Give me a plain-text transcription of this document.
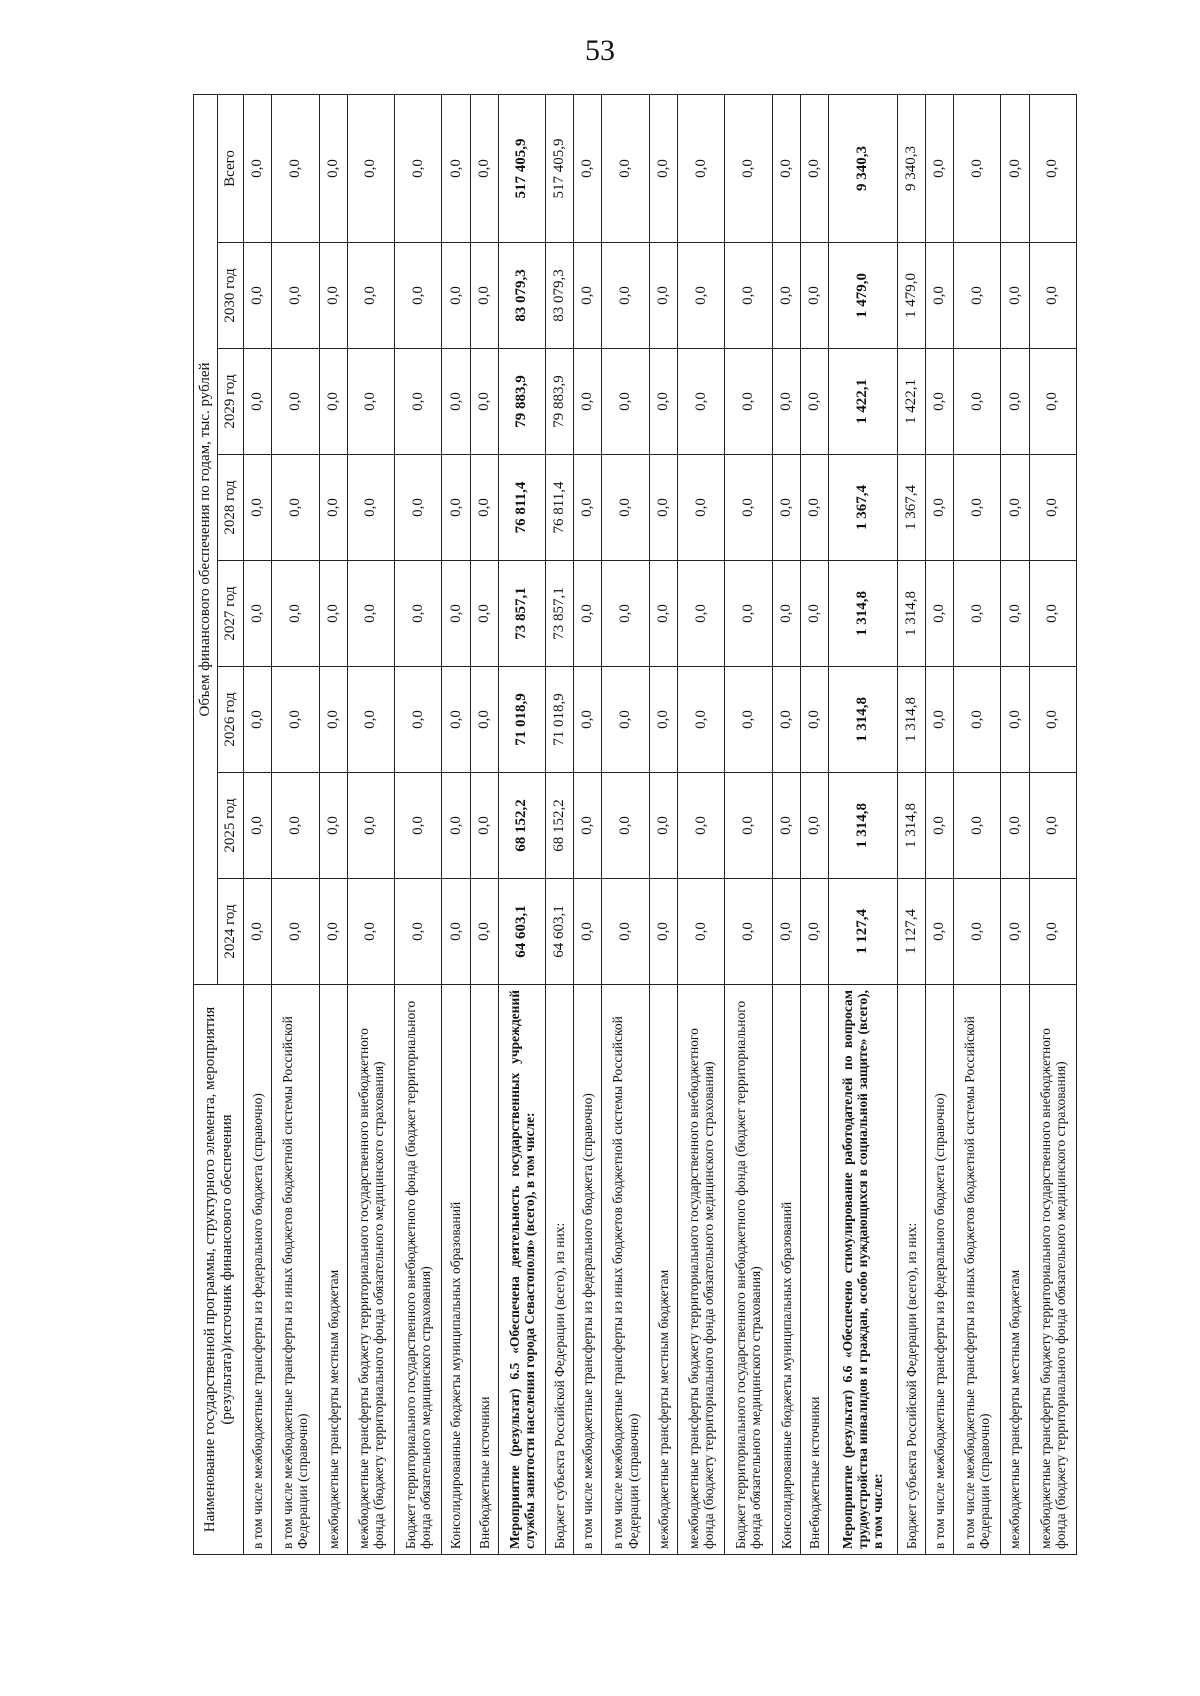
53
Наименование государственной программы, структурного элемента, мероприятия (результата)/источник финансового обеспечения	Объем финансового обеспечения по годам, тыс. рублей							
	2024 год	2025 год	2026 год	2027 год	2028 год	2029 год	2030 год	Всего
в том числе межбюджетные трансферты из федерального бюджета (справочно)	0,0	0,0	0,0	0,0	0,0	0,0	0,0	0,0
в том числе межбюджетные трансферты из иных бюджетов бюджетной системы Российской Федерации (справочно)	0,0	0,0	0,0	0,0	0,0	0,0	0,0	0,0
межбюджетные трансферты местным бюджетам	0,0	0,0	0,0	0,0	0,0	0,0	0,0	0,0
межбюджетные трансферты бюджету территориального государственного внебюджетного фонда (бюджету территориального фонда обязательного медицинского страхования)	0,0	0,0	0,0	0,0	0,0	0,0	0,0	0,0
Бюджет территориального государственного внебюджетного фонда (бюджет территориального фонда обязательного медицинского страхования)	0,0	0,0	0,0	0,0	0,0	0,0	0,0	0,0
Консолидированные бюджеты муниципальных образований	0,0	0,0	0,0	0,0	0,0	0,0	0,0	0,0
Внебюджетные источники	0,0	0,0	0,0	0,0	0,0	0,0	0,0	0,0
Мероприятие (результат) 6.5 «Обеспечена деятельность государственных учреждений службы занятости населения города Севастополя» (всего), в том числе:	64 603,1	68 152,2	71 018,9	73 857,1	76 811,4	79 883,9	83 079,3	517 405,9
Бюджет субъекта Российской Федерации (всего), из них:	64 603,1	68 152,2	71 018,9	73 857,1	76 811,4	79 883,9	83 079,3	517 405,9
в том числе межбюджетные трансферты из федерального бюджета (справочно)	0,0	0,0	0,0	0,0	0,0	0,0	0,0	0,0
в том числе межбюджетные трансферты из иных бюджетов бюджетной системы Российской Федерации (справочно)	0,0	0,0	0,0	0,0	0,0	0,0	0,0	0,0
межбюджетные трансферты местным бюджетам	0,0	0,0	0,0	0,0	0,0	0,0	0,0	0,0
межбюджетные трансферты бюджету территориального государственного внебюджетного фонда (бюджету территориального фонда обязательного медицинского страхования)	0,0	0,0	0,0	0,0	0,0	0,0	0,0	0,0
Бюджет территориального государственного внебюджетного фонда (бюджет территориального фонда обязательного медицинского страхования)	0,0	0,0	0,0	0,0	0,0	0,0	0,0	0,0
Консолидированные бюджеты муниципальных образований	0,0	0,0	0,0	0,0	0,0	0,0	0,0	0,0
Внебюджетные источники	0,0	0,0	0,0	0,0	0,0	0,0	0,0	0,0
Мероприятие (результат) 6.6 «Обеспечено стимулирование работодателей по вопросам трудоустройства инвалидов и граждан, особо нуждающихся в социальной защите» (всего), в том числе:	1 127,4	1 314,8	1 314,8	1 314,8	1 367,4	1 422,1	1 479,0	9 340,3
Бюджет субъекта Российской Федерации (всего), из них:	1 127,4	1 314,8	1 314,8	1 314,8	1 367,4	1 422,1	1 479,0	9 340,3
в том числе межбюджетные трансферты из федерального бюджета (справочно)	0,0	0,0	0,0	0,0	0,0	0,0	0,0	0,0
в том числе межбюджетные трансферты из иных бюджетов бюджетной системы Российской Федерации (справочно)	0,0	0,0	0,0	0,0	0,0	0,0	0,0	0,0
межбюджетные трансферты местным бюджетам	0,0	0,0	0,0	0,0	0,0	0,0	0,0	0,0
межбюджетные трансферты бюджету территориального государственного внебюджетного фонда (бюджету территориального фонда обязательного медицинского страхования)	0,0	0,0	0,0	0,0	0,0	0,0	0,0	0,0
